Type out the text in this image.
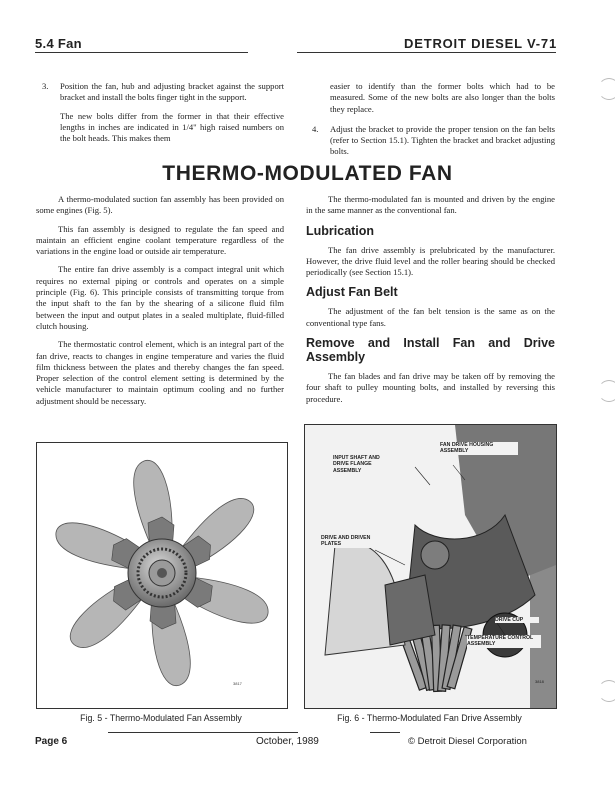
5.4 Fan	DETROIT DIESEL V-71
3.	Position the fan, hub and adjusting bracket against the support bracket and install the bolts finger tight in the support.
The new bolts differ from the former in that their effective lengths in inches are indicated in 1/4" high raised numbers on the bolt heads. This makes them
easier to identify than the former bolts which had to be measured. Some of the new bolts are also longer than the bolts they replace.
4.	Adjust the bracket to provide the proper tension on the fan belts (refer to Section 15.1). Tighten the bracket and bracket adjusting bolts.
THERMO-MODULATED FAN

A thermo-modulated suction fan assembly has been provided on some engines (Fig. 5).

This fan assembly is designed to regulate the fan speed and maintain an efficient engine coolant temperature regardless of the variations in the engine load or outside air temperature.

The entire fan drive assembly is a compact integral unit which requires no external piping or controls and operates on a simple principle (Fig. 6). This principle consists of transmitting torque from the input shaft to the fan by the shearing of a silicone fluid film between the input and output plates in a sealed multiplate, fluid-filled clutch housing.

The thermostatic control element, which is an integral part of the fan drive, reacts to changes in engine temperature and varies the fluid film thickness between the plates and thereby changes the fan speed. Proper selection of the control element setting is determined by the vehicle manufacturer to maintain optimum cooling and no further adjustment should be necessary.

The thermo-modulated fan is mounted and driven by the engine in the same manner as the conventional fan.

Lubrication

The fan drive assembly is prelubricated by the manufacturer. However, the drive fluid level and the roller bearing should be checked periodically (see Section 15.1).

Adjust Fan Belt

The adjustment of the fan belt tension is the same as on the conventional type fans.

Remove and Install Fan and Drive Assembly

The fan blades and fan drive may be taken off by removing the four shaft to pulley mounting bolts, and installed by reversing this procedure.

3817
Fig. 5 - Thermo-Modulated Fan Assembly
3818
FAN DRIVE HOUSING ASSEMBLY
INPUT SHAFT AND DRIVE FLANGE ASSEMBLY
DRIVE AND DRIVEN PLATES
DRIVE CUP
TEMPERATURE CONTROL ASSEMBLY
Fig. 6 - Thermo-Modulated Fan Drive Assembly
Page 6	October, 1989	© Detroit Diesel Corporation
